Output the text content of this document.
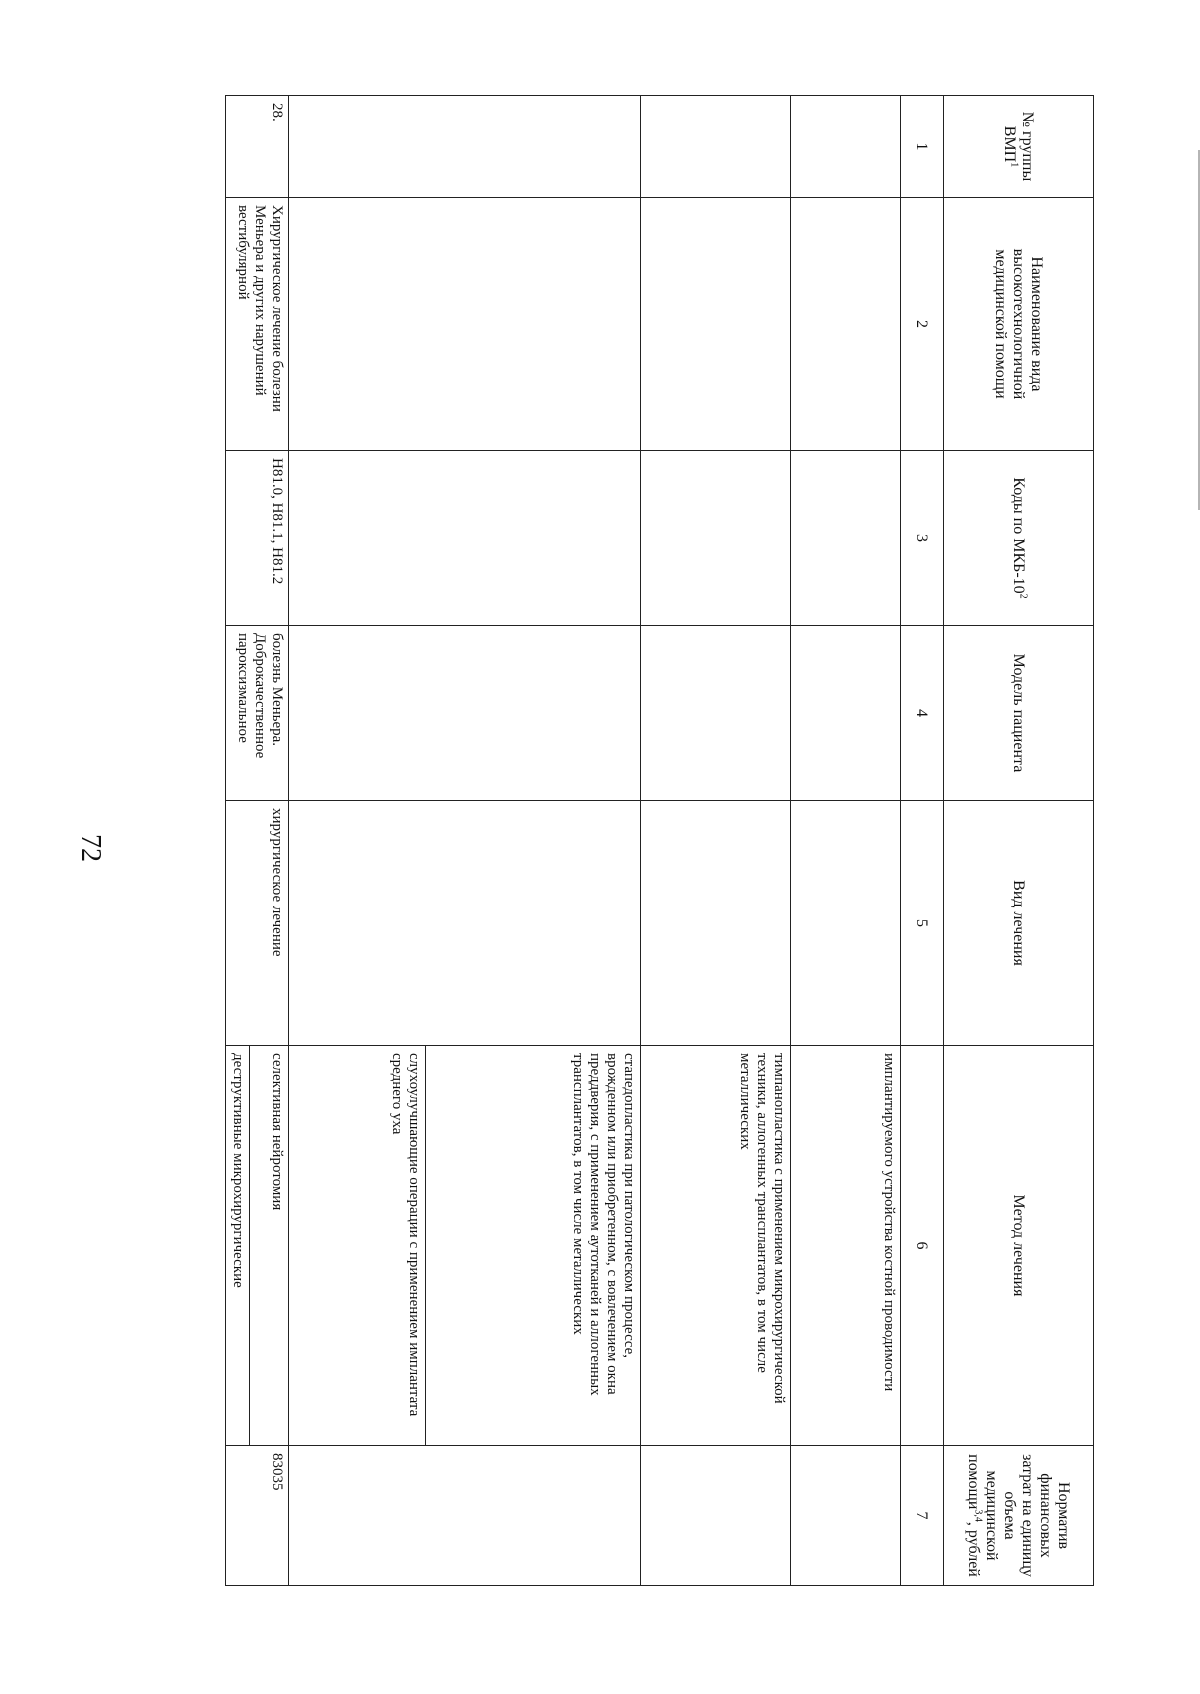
72
№ группы ВМП$^1$	Наименование вида высокотехнологичной медицинской помощи	Коды по МКБ-$10^2$	Модель пациента	Вид лечения	Метод лечения	Норматив финансовых затрат на единицу объема медицинской помощи$^{3,4}$, рублей
1	2	3	4	5	6	7
					имплантируемого устройства костной проводимости	
					тимпанопластика с применением микрохирургической техники, аллогенных трансплантатов, в том числе металлических	

					стапедопластика при патологическом процессе, врожденном или приобретенном, с вовлечением окна преддверия, с применением аутотканей и аллогенных трансплантатов, в том числе металлических
слухоулучшающие операции с применением имплантата среднего уха	

28.	Хирургическое лечение болезни Меньера и других нарушений вестибулярной	H81.0, H81.1, H81.2	болезнь Меньера. Доброкачественное пароксизмальное	хирургическое лечение	селективная нейротомия
деструктивные микрохирургические	83035
